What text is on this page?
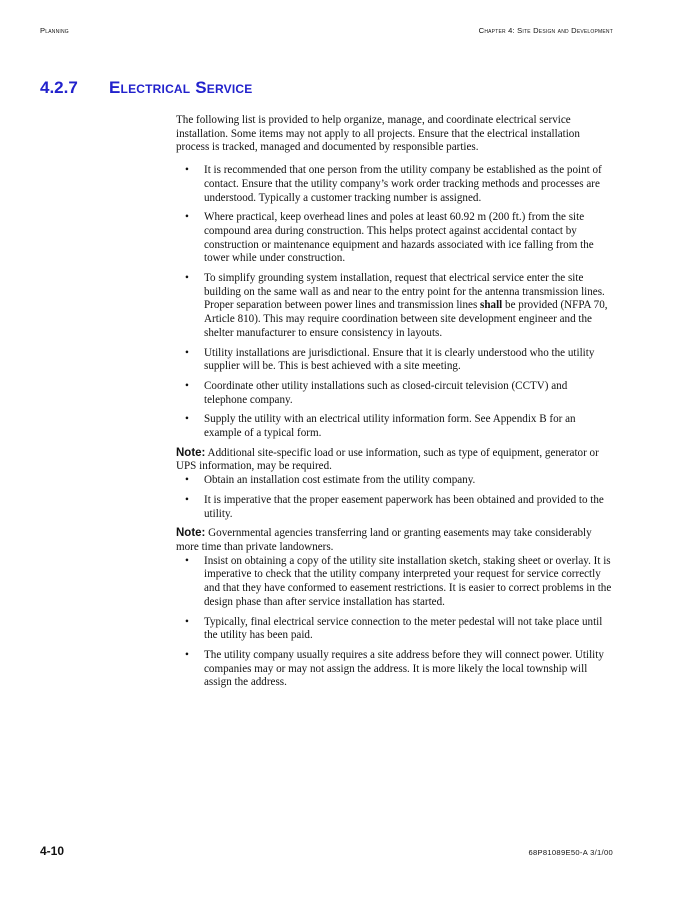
Planning	Chapter 4: Site Design and Development
4.2.7 Electrical Service

The following list is provided to help organize, manage, and coordinate electrical service installation. Some items may not apply to all projects. Ensure that the electrical installation process is tracked, managed and documented by responsible parties.

• It is recommended that one person from the utility company be established as the point of contact. Ensure that the utility company’s work order tracking methods and processes are understood. Typically a customer tracking number is assigned.
• Where practical, keep overhead lines and poles at least 60.92 m (200 ft.) from the site compound area during construction. This helps protect against accidental contact by construction or maintenance equipment and hazards associated with ice falling from the tower while under construction.
• To simplify grounding system installation, request that electrical service enter the site building on the same wall as and near to the entry point for the antenna transmission lines. Proper separation between power lines and transmission lines shall be provided (NFPA 70, Article 810). This may require coordination between site development engineer and the shelter manufacturer to ensure consistency in layouts.
• Utility installations are jurisdictional. Ensure that it is clearly understood who the utility supplier will be. This is best achieved with a site meeting.
• Coordinate other utility installations such as closed-circuit television (CCTV) and telephone company.
• Supply the utility with an electrical utility information form. See Appendix B for an example of a typical form.

Note: Additional site-specific load or use information, such as type of equipment, generator or UPS information, may be required.

• Obtain an installation cost estimate from the utility company.
• It is imperative that the proper easement paperwork has been obtained and provided to the utility.

Note: Governmental agencies transferring land or granting easements may take considerably more time than private landowners.

• Insist on obtaining a copy of the utility site installation sketch, staking sheet or overlay. It is imperative to check that the utility company interpreted your request for service correctly and that they have conformed to easement restrictions. It is easier to correct problems in the design phase than after service installation has started.
• Typically, final electrical service connection to the meter pedestal will not take place until the utility has been paid.
• The utility company usually requires a site address before they will connect power. Utility companies may or may not assign the address. It is more likely the local township will assign the address.
4-10	68P81089E50-A 3/1/00
